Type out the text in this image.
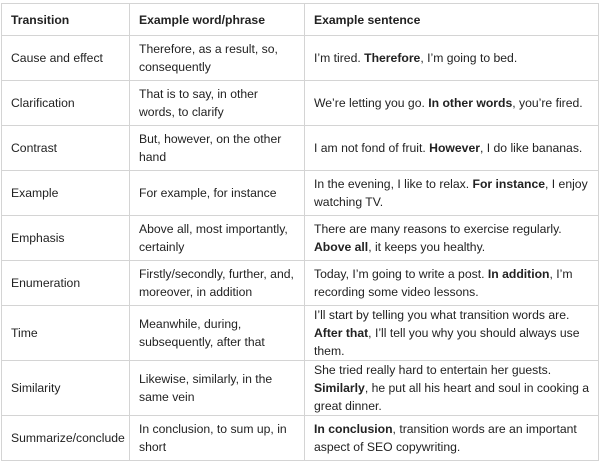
Transition	Example word/phrase	Example sentence
Cause and effect	Therefore, as a result, so, consequently	I’m tired. Therefore, I’m going to bed.
Clarification	That is to say, in other words, to clarify	We’re letting you go. In other words, you’re fired.
Contrast	But, however, on the other hand	I am not fond of fruit. However, I do like bananas.
Example	For example, for instance	In the evening, I like to relax. For instance, I enjoy watching TV.
Emphasis	Above all, most importantly, certainly	There are many reasons to exercise regularly. Above all, it keeps you healthy.
Enumeration	Firstly/secondly, further, and, moreover, in addition	Today, I’m going to write a post. In addition, I’m recording some video lessons.
Time	Meanwhile, during, subsequently, after that	I’ll start by telling you what transition words are. After that, I’ll tell you why you should always use them.
Similarity	Likewise, similarly, in the same vein	She tried really hard to entertain her guests. Similarly, he put all his heart and soul in cooking a great dinner.
Summarize/conclude	In conclusion, to sum up, in short	In conclusion, transition words are an important aspect of SEO copywriting.
